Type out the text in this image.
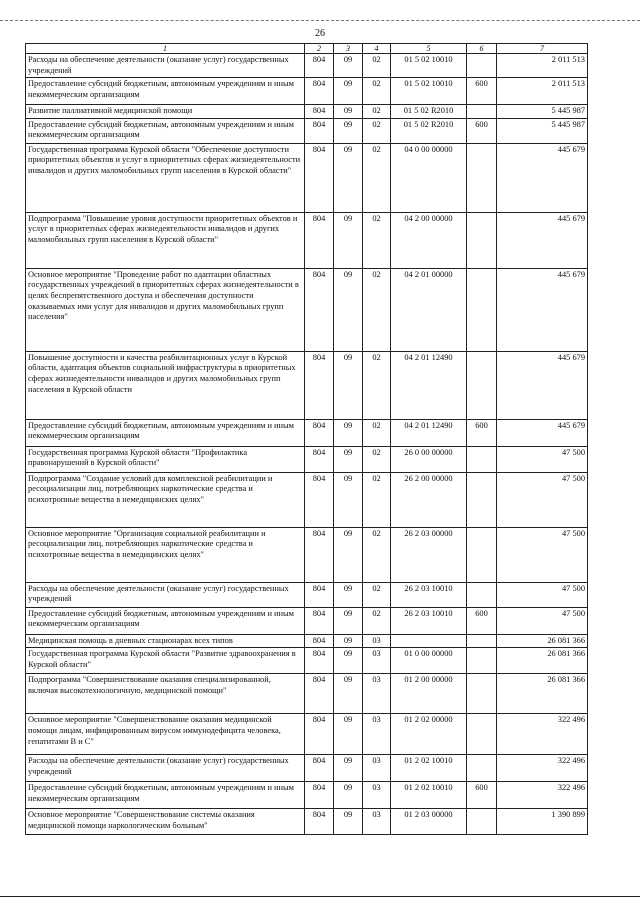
26
1	2	3	4	5	6	7
Расходы на обеспечение деятельности (оказание услуг) государственных учреждений	804	09	02	01 5 02 10010		2 011 513
Предоставление субсидий бюджетным, автономным учреждениям и иным некоммерческим организациям	804	09	02	01 5 02 10010	600	2 011 513
Развитие паллиативной медицинской помощи	804	09	02	01 5 02 R2010		5 445 987
Предоставление субсидий бюджетным, автономным учреждениям и иным некоммерческим организациям	804	09	02	01 5 02 R2010	600	5 445 987
Государственная программа Курской области "Обеспечение доступности приоритетных объектов и услуг в приоритетных сферах жизнедеятельности инвалидов и других маломобильных групп населения в Курской области"	804	09	02	04 0 00 00000		445 679
Подпрограмма "Повышение уровня доступности приоритетных объектов и услуг в приоритетных сферах жизнедеятельности инвалидов и других маломобильных групп населения в Курской области"	804	09	02	04 2 00 00000		445 679
Основное мероприятие "Проведение работ по адаптации областных государственных учреждений в приоритетных сферах жизнедеятельности в целях беспрепятственного доступа и обеспечения доступности оказываемых ими услуг для инвалидов и других маломобильных групп населения"	804	09	02	04 2 01 00000		445 679
Повышение доступности и качества реабилитационных услуг в Курской области, адаптация объектов социальной инфраструктуры в приоритетных сферах жизнедеятельности инвалидов и других маломобильных групп населения в Курской области	804	09	02	04 2 01 12490		445 679
Предоставление субсидий бюджетным, автономным учреждениям и иным некоммерческим организациям	804	09	02	04 2 01 12490	600	445 679
Государственная программа Курской области "Профилактика правонарушений в Курской области"	804	09	02	26 0 00 00000		47 500
Подпрограмма "Создание условий для комплексной реабилитации и ресоциализации лиц, потребляющих наркотические средства и психотропные вещества в немедицинских целях"	804	09	02	26 2 00 00000		47 500
Основное мероприятие "Организация социальной реабилитации и ресоциализации лиц, потребляющих наркотические средства и психотропные вещества в немедицинских целях"	804	09	02	26 2 03 00000		47 500
Расходы на обеспечение деятельности (оказание услуг) государственных учреждений	804	09	02	26 2 03 10010		47 500
Предоставление субсидий бюджетным, автономным учреждениям и иным некоммерческим организациям	804	09	02	26 2 03 10010	600	47 500
Медицинская помощь в дневных стационарах всех типов	804	09	03			26 081 366
Государственная программа Курской области "Развитие здравоохранения в Курской области"	804	09	03	01 0 00 00000		26 081 366
Подпрограмма "Совершенствование оказания специализированной, включая высокотехнологичную, медицинской помощи"	804	09	03	01 2 00 00000		26 081 366
Основное мероприятие "Совершенствование оказания медицинской помощи лицам, инфицированным вирусом иммунодефицита человека, гепатитами В и С"	804	09	03	01 2 02 00000		322 496
Расходы на обеспечение деятельности (оказание услуг) государственных учреждений	804	09	03	01 2 02 10010		322 496
Предоставление субсидий бюджетным, автономным учреждениям и иным некоммерческим организациям	804	09	03	01 2 02 10010	600	322 496
Основное мероприятие "Совершенствование системы оказания медицинской помощи наркологическим больным"	804	09	03	01 2 03 00000		1 390 899
